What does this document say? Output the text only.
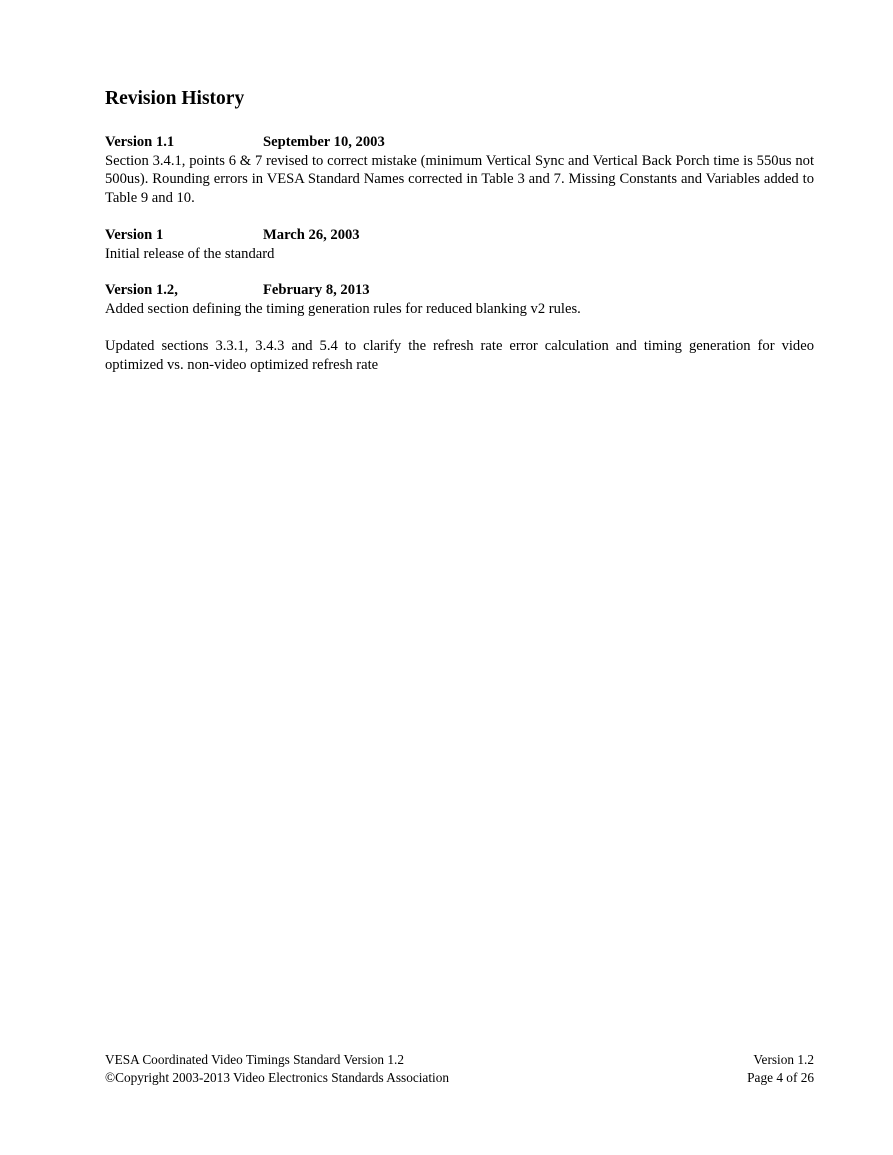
Revision History
Version 1.1	September 10, 2003

Section 3.4.1, points 6 & 7 revised to correct mistake (minimum Vertical Sync and Vertical Back Porch time is 550us not 500us). Rounding errors in VESA Standard Names corrected in Table 3 and 7. Missing Constants and Variables added to Table 9 and 10.

Version 1	March 26, 2003

Initial release of the standard

Version 1.2,	February 8, 2013

Added section defining the timing generation rules for reduced blanking v2 rules.

Updated sections 3.3.1, 3.4.3 and 5.4 to clarify the refresh rate error calculation and timing generation for video optimized vs. non-video optimized refresh rate

VESA Coordinated Video Timings Standard Version 1.2
©Copyright 2003-2013 Video Electronics Standards Association
Version 1.2
Page 4 of 26
